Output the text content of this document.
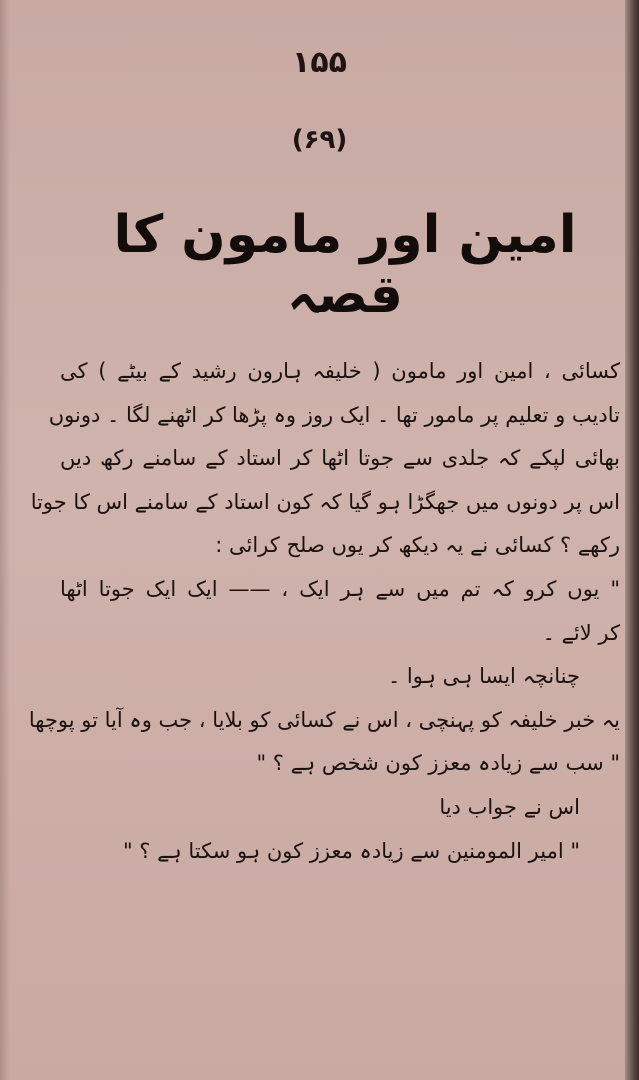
۱۵۵
(۶۹)
امین اور مامون کا قصہ
کسائی ، امین اور مامون ( خلیفہ ہارون رشید کے بیٹے ) کی
تادیب و تعلیم پر مامور تھا ۔ ایک روز وہ پڑھا کر اٹھنے لگا ۔ دونوں
بھائی لپکے کہ جلدی سے جوتا اٹھا کر استاد کے سامنے رکھ دیں
اس پر دونوں میں جھگڑا ہو گیا کہ کون استاد کے سامنے اس کا جوتا
رکھے ؟ کسائی نے یہ دیکھ کر یوں صلح کرائی :
" یوں کرو کہ تم میں سے ہر ایک ، —— ایک ایک جوتا اٹھا
کر لائے ۔
چنانچہ ایسا ہی ہوا ۔
یہ خبر خلیفہ کو پہنچی ، اس نے کسائی کو بلایا ، جب وہ آیا تو پوچھا
" سب سے زیادہ معزز کون شخص ہے ؟ "
اس نے جواب دیا
" امیر المومنین سے زیادہ معزز کون ہو سکتا ہے ؟ "
